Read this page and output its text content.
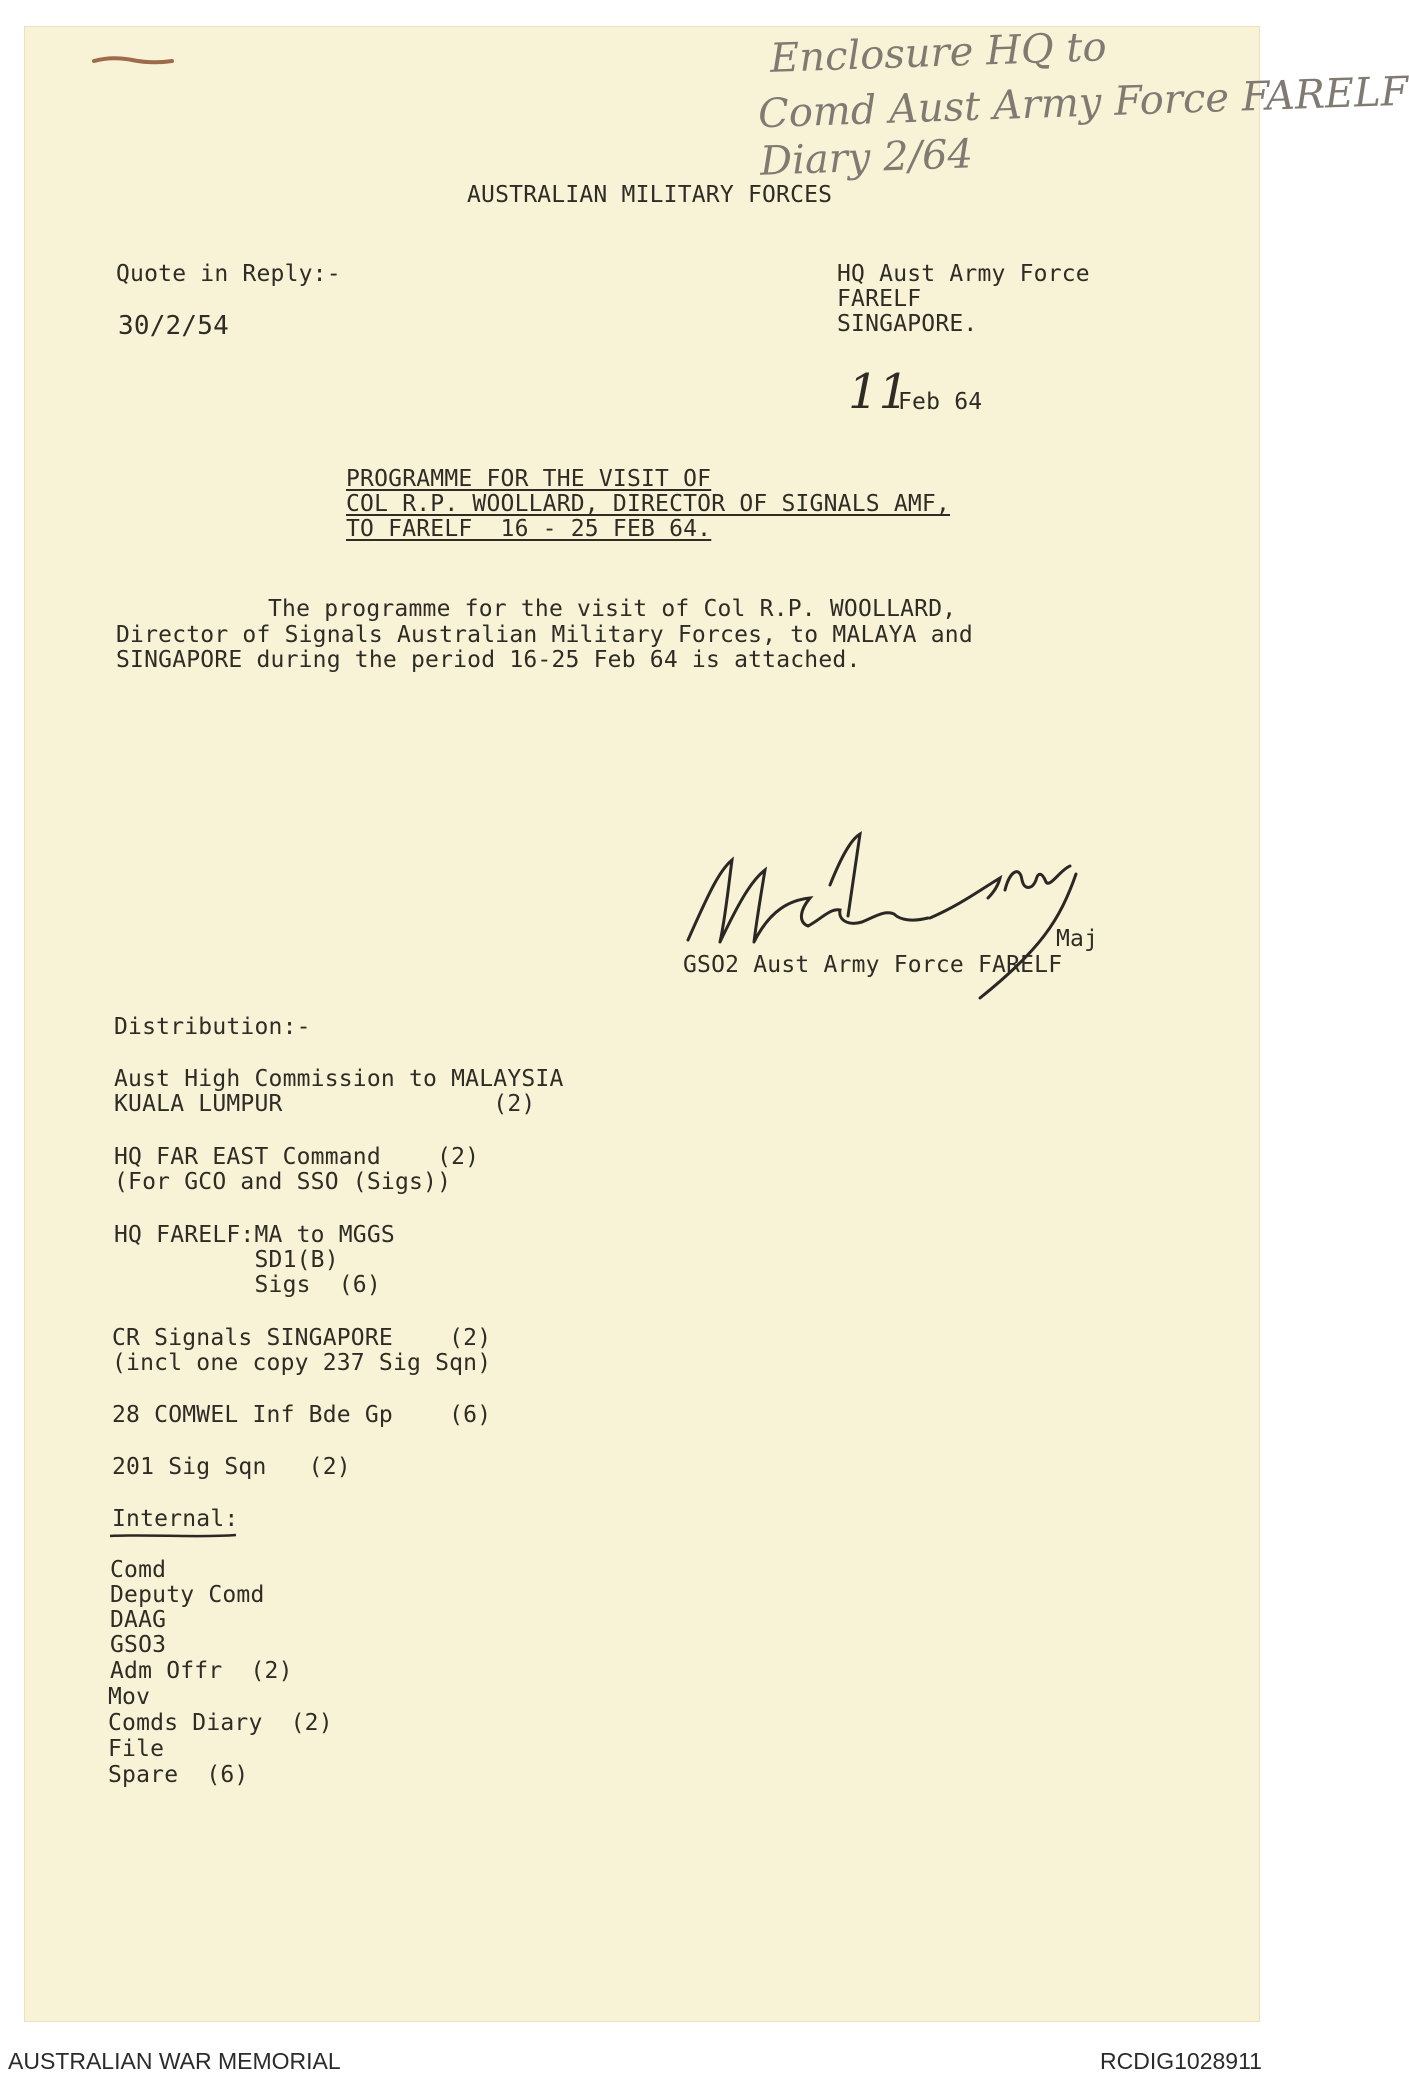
Enclosure HQ to
Comd Aust Army Force FARELF
Diary 2/64
AUSTRALIAN MILITARY FORCES
Quote in Reply:-
30/2/54
HQ Aust Army Force
FARELF
SINGAPORE.
11
Feb 64
PROGRAMME FOR THE VISIT OF
COL R.P. WOOLLARD, DIRECTOR OF SIGNALS AMF,
TO FARELF  16 - 25 FEB 64.
The programme for the visit of Col R.P. WOOLLARD,
Director of Signals Australian Military Forces, to MALAYA and
SINGAPORE during the period 16-25 Feb 64 is attached.
Maj
GSO2 Aust Army Force FARELF
Distribution:-
Aust High Commission to MALAYSIA
KUALA LUMPUR               (2)
HQ FAR EAST Command    (2)
(For GCO and SSO (Sigs))
HQ FARELF:MA to MGGS
SD1(B)
Sigs  (6)
CR Signals SINGAPORE    (2)
(incl one copy 237 Sig Sqn)
28 COMWEL Inf Bde Gp    (6)
201 Sig Sqn   (2)
Internal:
Comd
Deputy Comd
DAAG
GSO3
Adm Offr  (2)
Mov
Comds Diary  (2)
File
Spare  (6)
AUSTRALIAN WAR MEMORIAL	RCDIG1028911
